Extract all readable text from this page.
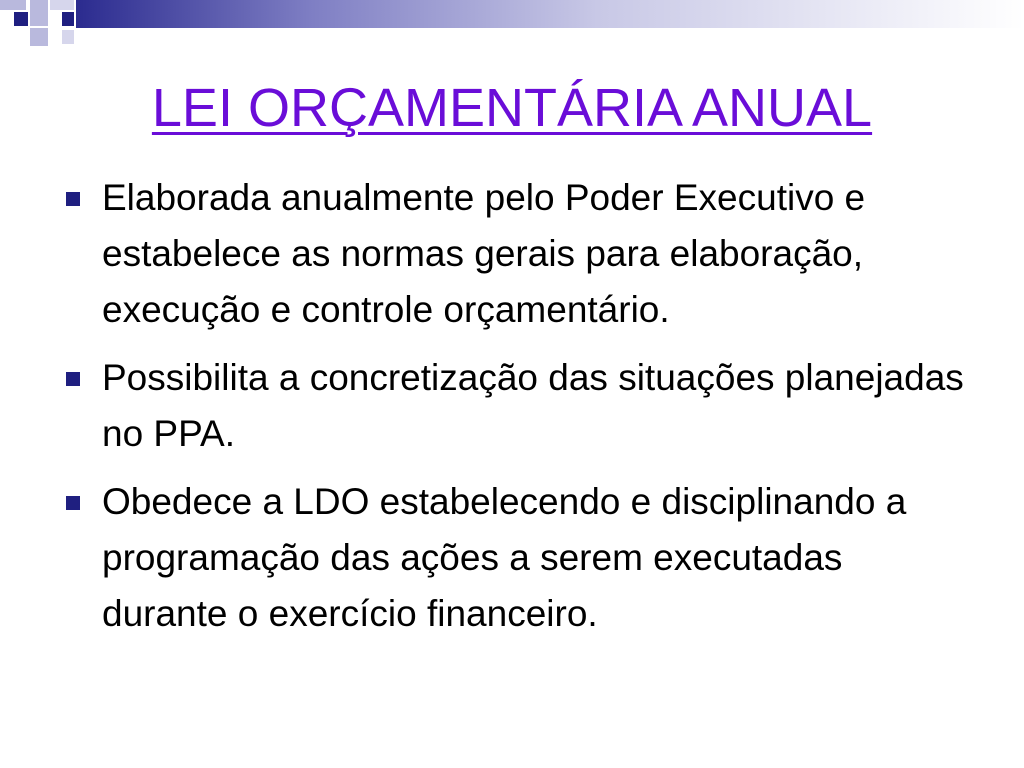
LEI ORÇAMENTÁRIA ANUAL
Elaborada anualmente pelo Poder Executivo e estabelece as normas gerais para elaboração, execução e controle orçamentário.
Possibilita a concretização das situações planejadas no PPA.
Obedece a LDO estabelecendo e disciplinando a programação das ações a serem executadas durante o exercício financeiro.
